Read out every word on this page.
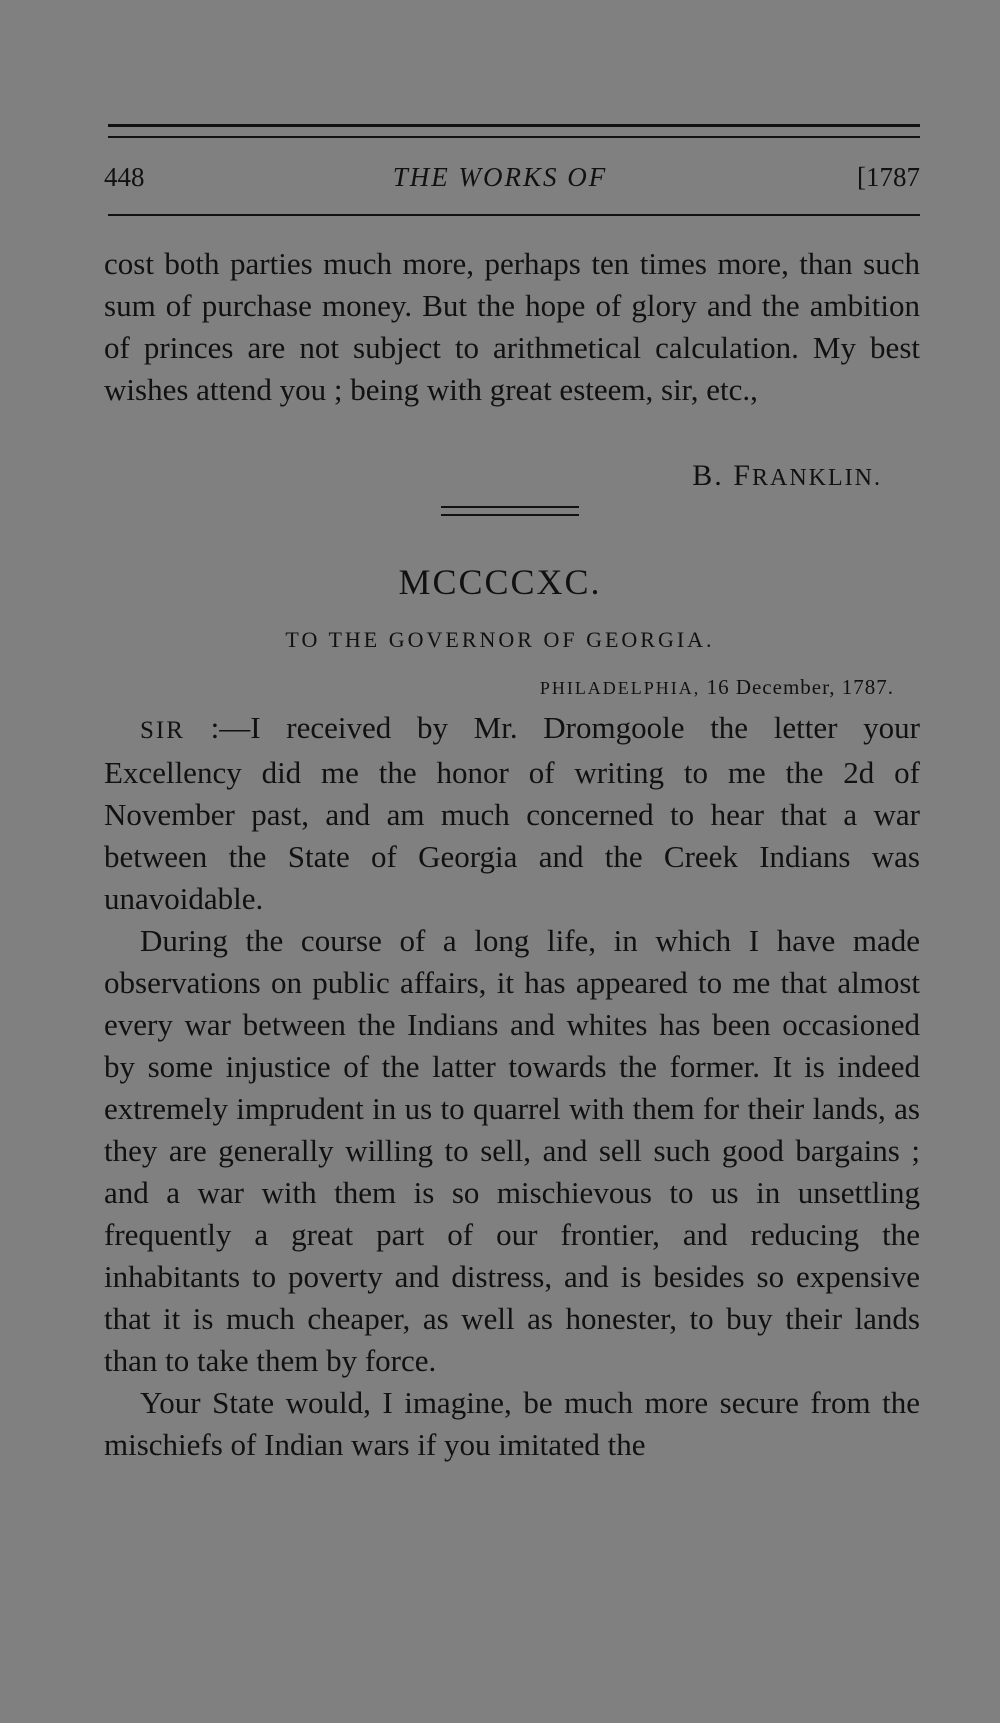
448	THE WORKS OF	[1787

cost both parties much more, perhaps ten times more, than such sum of purchase money. But the hope of glory and the ambition of princes are not subject to arithmetical calculation. My best wishes attend you ; being with great esteem, sir, etc.,

B. FRANKLIN.
MCCCCXC.
TO THE GOVERNOR OF GEORGIA.
PHILADELPHIA, 16 December, 1787.

SIR :—I received by Mr. Dromgoole the letter your Excellency did me the honor of writing to me the 2d of November past, and am much concerned to hear that a war between the State of Georgia and the Creek Indians was unavoidable.

During the course of a long life, in which I have made observations on public affairs, it has appeared to me that almost every war between the Indians and whites has been occasioned by some injustice of the latter towards the former. It is indeed extremely imprudent in us to quarrel with them for their lands, as they are generally willing to sell, and sell such good bargains ; and a war with them is so mischievous to us in unsettling frequently a great part of our frontier, and reducing the inhabitants to poverty and distress, and is besides so expensive that it is much cheaper, as well as honester, to buy their lands than to take them by force.

Your State would, I imagine, be much more secure from the mischiefs of Indian wars if you imitated the
